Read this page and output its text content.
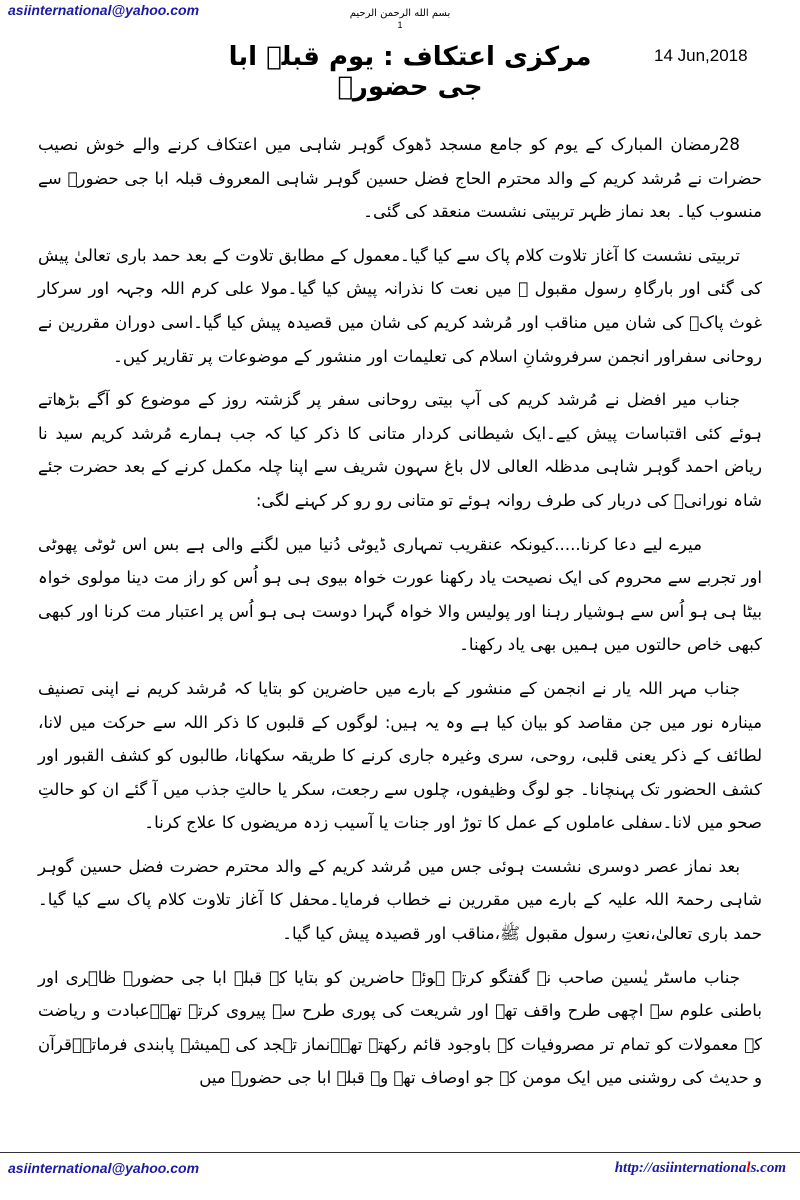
asiinternational@yahoo.com	بسم الله الرحمن الرحیم
1
14 Jun,2018
مرکزی اعتکاف : یوم قبلہ ابا جی حضورؒ

28رمضان المبارک کے یوم کو جامع مسجد ڈھوک گوہر شاہی میں اعتکاف کرنے والے خوش نصیب حضرات نے مُرشد کریم کے والد محترم الحاج فضل حسین گوہر شاہی المعروف قبلہ ابا جی حضورؒ سے منسوب کیا۔ بعد نماز ظہر تربیتی نشست منعقد کی گئی۔

تربیتی نشست کا آغاز تلاوت کلام پاک سے کیا گیا۔معمول کے مطابق تلاوت کے بعد حمد باری تعالیٰ پیش کی گئی اور بارگاہِ رسول مقبول ﷺ میں نعت کا نذرانہ پیش کیا گیا۔مولا علی کرم اللہ وجہہ اور سرکار غوث پاکؓ کی شان میں مناقب اور مُرشد کریم کی شان میں قصیدہ پیش کیا گیا۔اسی دوران مقررین نے روحانی سفراور انجمن سرفروشانِ اسلام کی تعلیمات اور منشور کے موضوعات پر تقاریر کیں۔

جناب میر افضل نے مُرشد کریم کی آپ بیتی روحانی سفر پر گزشتہ روز کے موضوع کو آگے بڑھاتے ہوئے کئی اقتباسات پیش کیے۔ایک شیطانی کردار متانی کا ذکر کیا کہ جب ہمارے مُرشد کریم سید نا ریاض احمد گوہر شاہی مدظلہ العالی لال باغ سہون شریف سے اپنا چلہ مکمل کرنے کے بعد حضرت جئے شاہ نورانیؒ کی دربار کی طرف روانہ ہوئے تو متانی رو رو کر کہنے لگی:

میرے لیے دعا کرنا.....کیونکہ عنقریب تمہاری ڈیوٹی دُنیا میں لگنے والی ہے بس اس ٹوٹی پھوٹی اور تجربے سے محروم کی ایک نصیحت یاد رکھنا عورت خواہ بیوی ہی ہو اُس کو راز مت دینا مولوی خواہ بیٹا ہی ہو اُس سے ہوشیار رہنا اور پولیس والا خواہ گہرا دوست ہی ہو اُس پر اعتبار مت کرنا اور کبھی کبھی خاص حالتوں میں ہمیں بھی یاد رکھنا۔

جناب مہر اللہ یار نے انجمن کے منشور کے بارے میں حاضرین کو بتایا کہ مُرشد کریم نے اپنی تصنیف مینارہ نور میں جن مقاصد کو بیان کیا ہے وہ یہ ہیں: لوگوں کے قلبوں کا ذکر اللہ سے حرکت میں لانا، لطائف کے ذکر یعنی قلبی، روحی، سری وغیرہ جاری کرنے کا طریقہ سکھانا، طالبوں کو کشف القبور اور کشف الحضور تک پہنچانا۔ جو لوگ وظیفوں، چلوں سے رجعت، سکر یا حالتِ جذب میں آ گئے ان کو حالتِ صحو میں لانا۔سفلی عاملوں کے عمل کا توڑ اور جنات یا آسیب زدہ مریضوں کا علاج کرنا۔

بعد نماز عصر دوسری نشست ہوئی جس میں مُرشد کریم کے والد محترم حضرت فضل حسین گوہر شاہی رحمۃ اللہ علیہ کے بارے میں مقررین نے خطاب فرمایا۔محفل کا آغاز تلاوت کلام پاک سے کیا گیا۔حمد باری تعالیٰ،نعتِ رسول مقبول ﷺ،مناقب اور قصیدہ پیش کیا گیا۔

جناب ماسٹر یٰسین صاحب نے گفتگو کرتے ہوئے حاضرین کو بتایا کہ قبلہ ابا جی حضورؒ ظاہری اور باطنی علوم سے اچھی طرح واقف تھے اور شریعت کی پوری طرح سے پیروی کرتے تھے۔عبادت و ریاضت کے معمولات کو تمام تر مصروفیات کے باوجود قائم رکھتے تھے۔نماز تہجد کی ہمیشہ پابندی فرماتے۔قرآن و حدیث کی روشنی میں ایک مومن کے جو اوصاف تھے وہ قبلہ ابا جی حضورؒ میں

asiinternational@yahoo.com	http://asiinternationals.com
